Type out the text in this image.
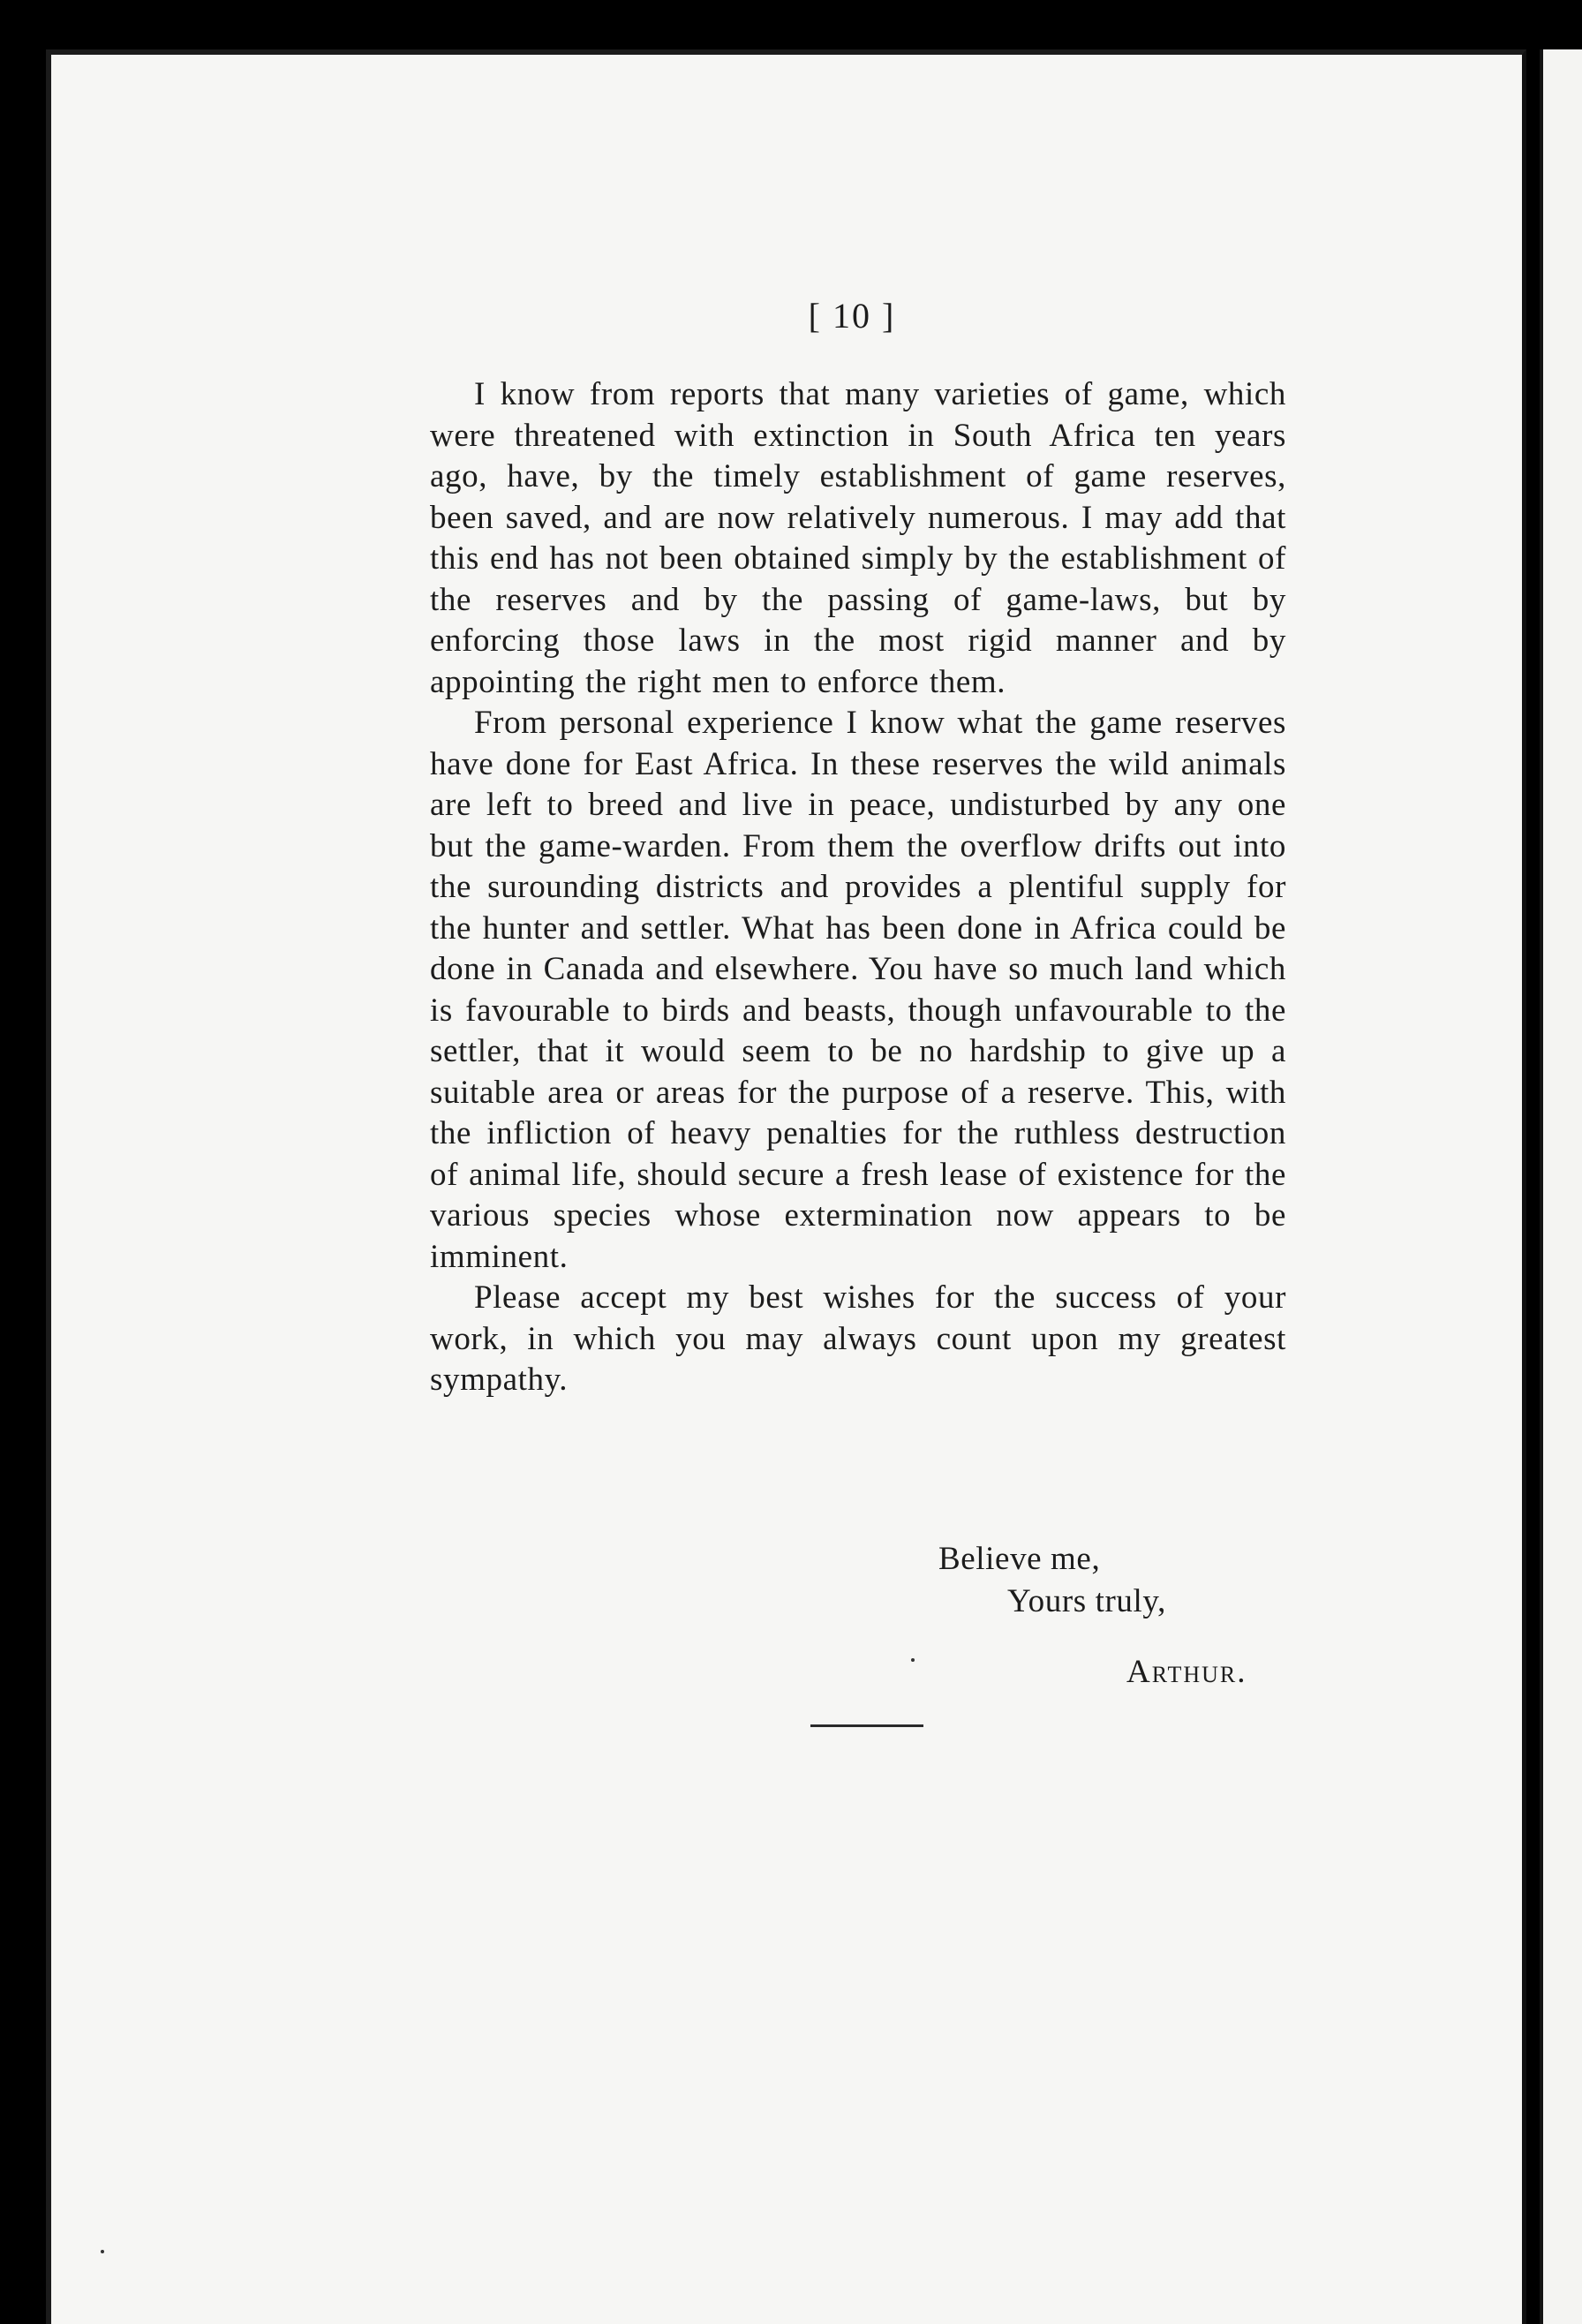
[ 10 ]

I know from reports that many varieties of game, which were threatened with extinction in South Africa ten years ago, have, by the timely establishment of game reserves, been saved, and are now relatively numerous. I may add that this end has not been obtained simply by the establishment of the reserves and by the passing of game-laws, but by enforcing those laws in the most rigid manner and by appointing the right men to enforce them.

From personal experience I know what the game reserves have done for East Africa. In these reserves the wild animals are left to breed and live in peace, undisturbed by any one but the game-warden. From them the overflow drifts out into the surounding districts and provides a plentiful supply for the hunter and settler. What has been done in Africa could be done in Canada and elsewhere. You have so much land which is favourable to birds and beasts, though unfavourable to the settler, that it would seem to be no hardship to give up a suitable area or areas for the purpose of a reserve. This, with the infliction of heavy penalties for the ruthless destruction of animal life, should secure a fresh lease of existence for the various species whose extermination now appears to be imminent.

Please accept my best wishes for the success of your work, in which you may always count upon my greatest sympathy.

Believe me,
Yours truly,
Arthur.
